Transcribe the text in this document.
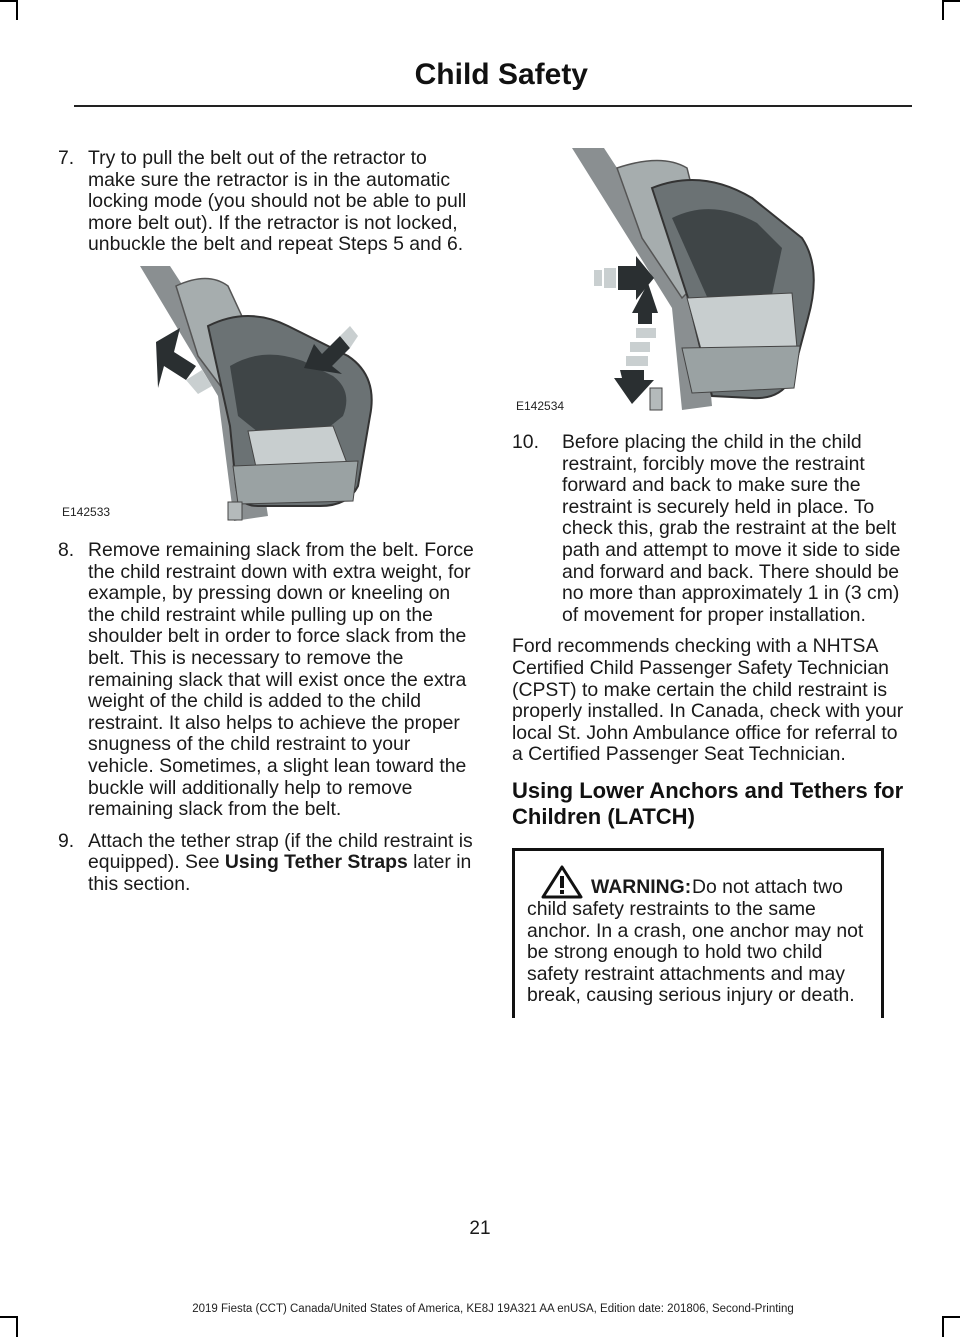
Child Safety
7. Try to pull the belt out of the retractor to make sure the retractor is in the automatic locking mode (you should not be able to pull more belt out). If the retractor is not locked, unbuckle the belt and repeat Steps 5 and 6.
E142533
8. Remove remaining slack from the belt. Force the child restraint down with extra weight, for example, by pressing down or kneeling on the child restraint while pulling up on the shoulder belt in order to force slack from the belt. This is necessary to remove the remaining slack that will exist once the extra weight of the child is added to the child restraint. It also helps to achieve the proper snugness of the child restraint to your vehicle. Sometimes, a slight lean toward the buckle will additionally help to remove remaining slack from the belt.
9. Attach the tether strap (if the child restraint is equipped). See Using Tether Straps later in this section.
E142534
10.	Before placing the child in the child restraint, forcibly move the restraint forward and back to make sure the restraint is securely held in place. To check this, grab the restraint at the belt path and attempt to move it side to side and forward and back. There should be no more than approximately 1 in (3 cm) of movement for proper installation.

Ford recommends checking with a NHTSA Certified Child Passenger Safety Technician (CPST) to make certain the child restraint is properly installed. In Canada, check with your local St. John Ambulance office for referral to a Certified Passenger Seat Technician.

Using Lower Anchors and Tethers for Children (LATCH)
WARNING: Do not attach two child safety restraints to the same anchor. In a crash, one anchor may not be strong enough to hold two child safety restraint attachments and may break, causing serious injury or death.
21
2019 Fiesta (CCT) Canada/United States of America, KE8J 19A321 AA enUSA, Edition date: 201806, Second-Printing
